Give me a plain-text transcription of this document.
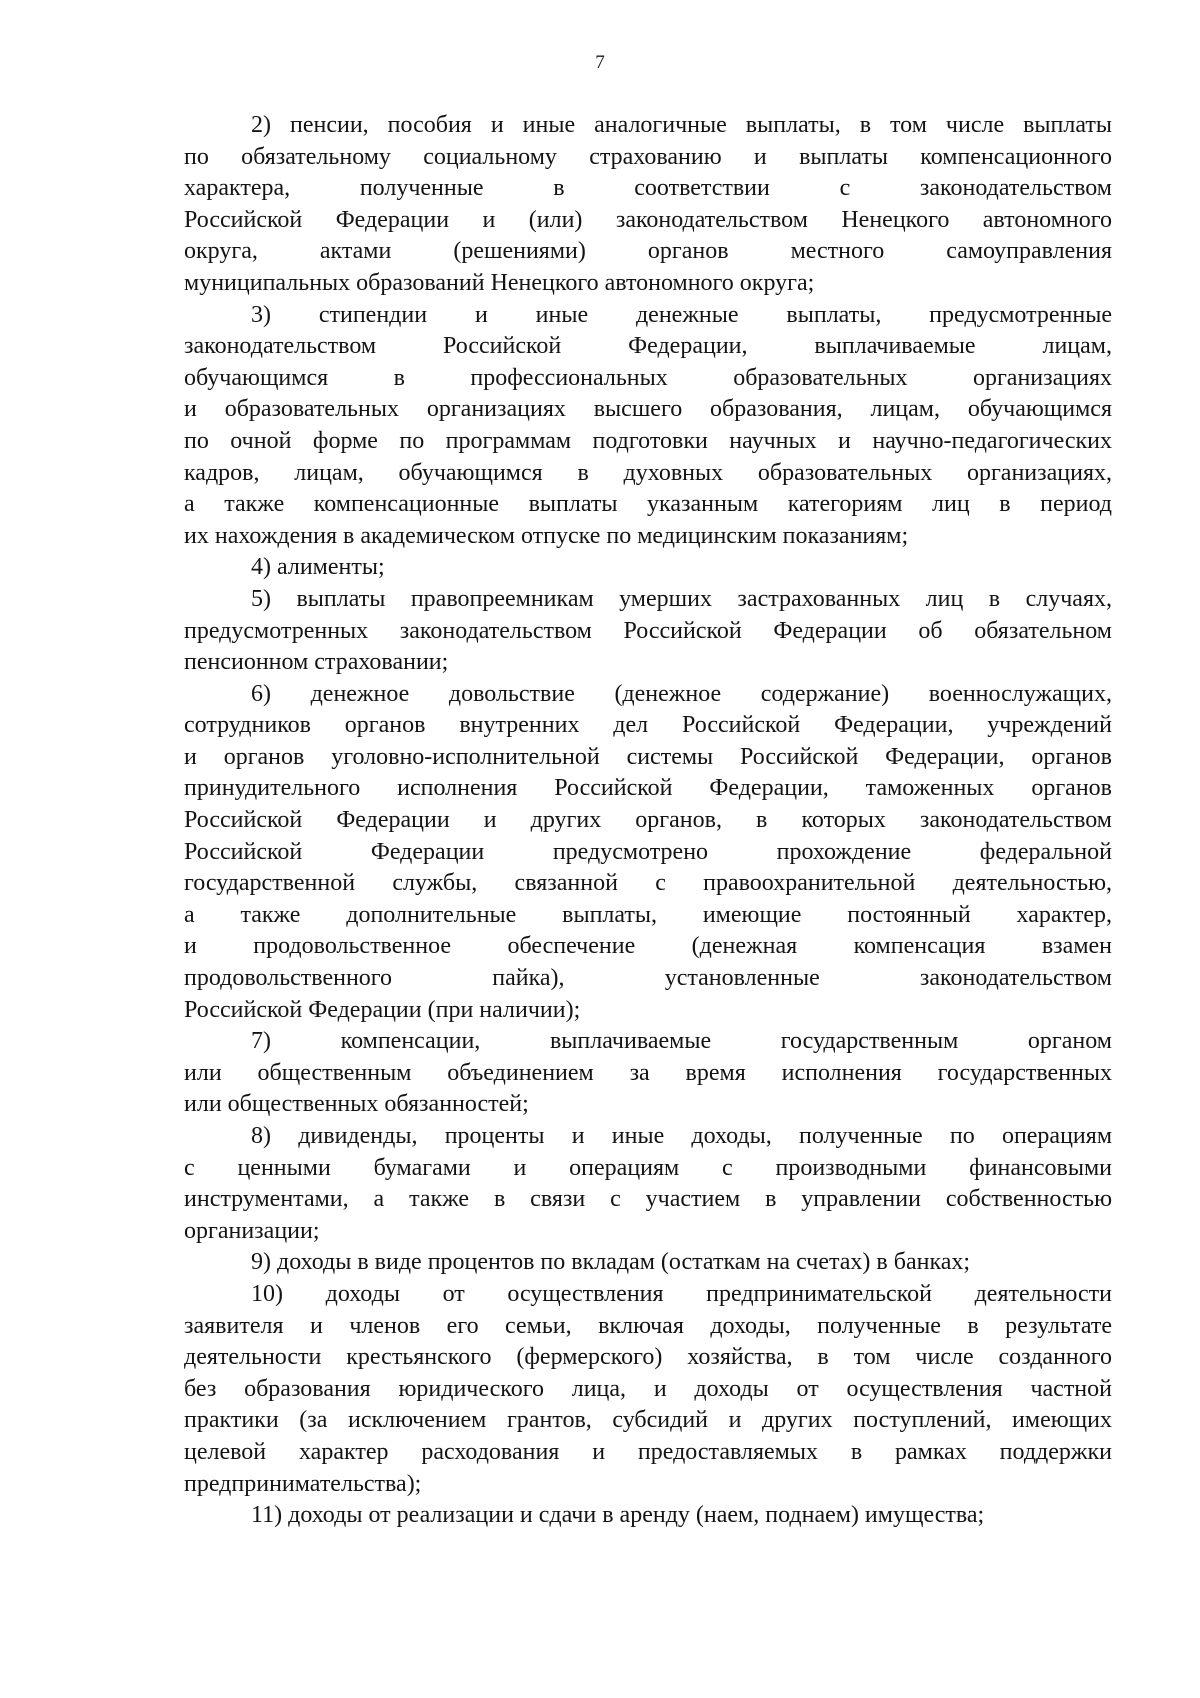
7
2) пенсии, пособия и иные аналогичные выплаты, в том числе выплаты
по обязательному социальному страхованию и выплаты компенсационного
характера, полученные в соответствии с законодательством
Российской Федерации и (или) законодательством Ненецкого автономного
округа, актами (решениями) органов местного самоуправления
муниципальных образований Ненецкого автономного округа;
3) стипендии и иные денежные выплаты, предусмотренные
законодательством Российской Федерации, выплачиваемые лицам,
обучающимся в профессиональных образовательных организациях
и образовательных организациях высшего образования, лицам, обучающимся
по очной форме по программам подготовки научных и научно-педагогических
кадров, лицам, обучающимся в духовных образовательных организациях,
а также компенсационные выплаты указанным категориям лиц в период
их нахождения в академическом отпуске по медицинским показаниям;
4) алименты;
5) выплаты правопреемникам умерших застрахованных лиц в случаях,
предусмотренных законодательством Российской Федерации об обязательном
пенсионном страховании;
6) денежное довольствие (денежное содержание) военнослужащих,
сотрудников органов внутренних дел Российской Федерации, учреждений
и органов уголовно-исполнительной системы Российской Федерации, органов
принудительного исполнения Российской Федерации, таможенных органов
Российской Федерации и других органов, в которых законодательством
Российской Федерации предусмотрено прохождение федеральной
государственной службы, связанной с правоохранительной деятельностью,
а также дополнительные выплаты, имеющие постоянный характер,
и продовольственное обеспечение (денежная компенсация взамен
продовольственного пайка), установленные законодательством
Российской Федерации (при наличии);
7) компенсации, выплачиваемые государственным органом
или общественным объединением за время исполнения государственных
или общественных обязанностей;
8) дивиденды, проценты и иные доходы, полученные по операциям
с ценными бумагами и операциям с производными финансовыми
инструментами, а также в связи с участием в управлении собственностью
организации;
9) доходы в виде процентов по вкладам (остаткам на счетах) в банках;
10) доходы от осуществления предпринимательской деятельности
заявителя и членов его семьи, включая доходы, полученные в результате
деятельности крестьянского (фермерского) хозяйства, в том числе созданного
без образования юридического лица, и доходы от осуществления частной
практики (за исключением грантов, субсидий и других поступлений, имеющих
целевой характер расходования и предоставляемых в рамках поддержки
предпринимательства);
11) доходы от реализации и сдачи в аренду (наем, поднаем) имущества;
